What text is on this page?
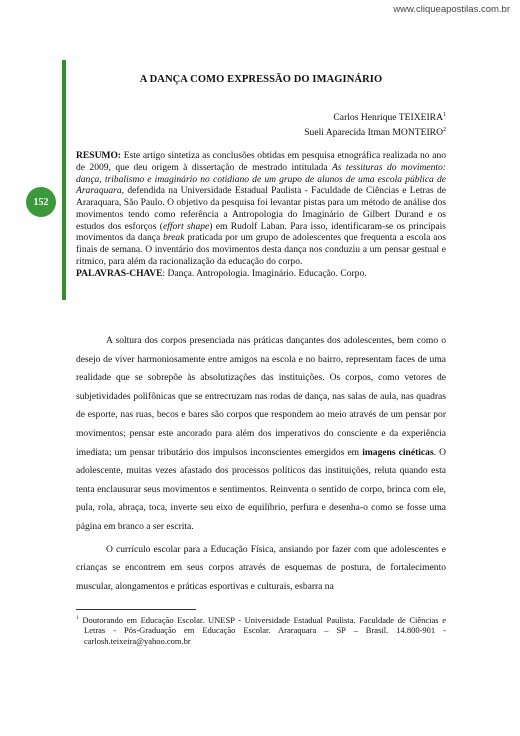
www.cliqueapostilas.com.br
152
A DANÇA COMO EXPRESSÃO DO IMAGINÁRIO
Carlos Henrique TEIXEIRA$^1$
Sueli Aparecida Itman MONTEIRO$^2$

RESUMO: Este artigo sintetiza as conclusões obtidas em pesquisa etnográfica realizada no ano de 2009, que deu origem à dissertação de mestrado intitulada As tessituras do movimento: dança, tribalismo e imaginário no cotidiano de um grupo de alunos de uma escola pública de Araraquara, defendida na Universidade Estadual Paulista - Faculdade de Ciências e Letras de Araraquara, São Paulo. O objetivo da pesquisa foi levantar pistas para um método de análise dos movimentos tendo como referência a Antropologia do Imaginário de Gilbert Durand e os estudos dos esforços (effort shape) em Rudolf Laban. Para isso, identificaram-se os principais movimentos da dança break praticada por um grupo de adolescentes que frequenta a escola aos finais de semana. O inventário dos movimentos desta dança nos conduziu a um pensar gestual e rítmico, para além da racionalização da educação do corpo.

PALAVRAS-CHAVE: Dança. Antropologia. Imaginário. Educação. Corpo.

A soltura dos corpos presenciada nas práticas dançantes dos adolescentes, bem como o desejo de viver harmoniosamente entre amigos na escola e no bairro, representam faces de uma realidade que se sobrepõe às absolutizações das instituições. Os corpos, como vetores de subjetividades polifônicas que se entrecruzam nas rodas de dança, nas salas de aula, nas quadras de esporte, nas ruas, becos e bares são corpos que respondem ao meio através de um pensar por movimentos; pensar este ancorado para além dos imperativos do consciente e da experiência imediata; um pensar tributário dos impulsos inconscientes emergidos em imagens cinéticas. O adolescente, muitas vezes afastado dos processos políticos das instituições, reluta quando esta tenta enclausurar seus movimentos e sentimentos. Reinventa o sentido de corpo, brinca com ele, pula, rola, abraça, toca, inverte seu eixo de equilíbrio, perfura e desenha-o como se fosse uma página em branco a ser escrita.

O currículo escolar para a Educação Física, ansiando por fazer com que adolescentes e crianças se encontrem em seus corpos através de esquemas de postura, de fortalecimento muscular, alongamentos e práticas esportivas e culturais, esbarra na

$^1$ Doutorando em Educação Escolar. UNESP - Universidade Estadual Paulista. Faculdade de Ciências e Letras - Pós-Graduação em Educação Escolar. Araraquara – SP – Brasil. 14.800-901 - carlosh.teixeira@yahoo.com.br
